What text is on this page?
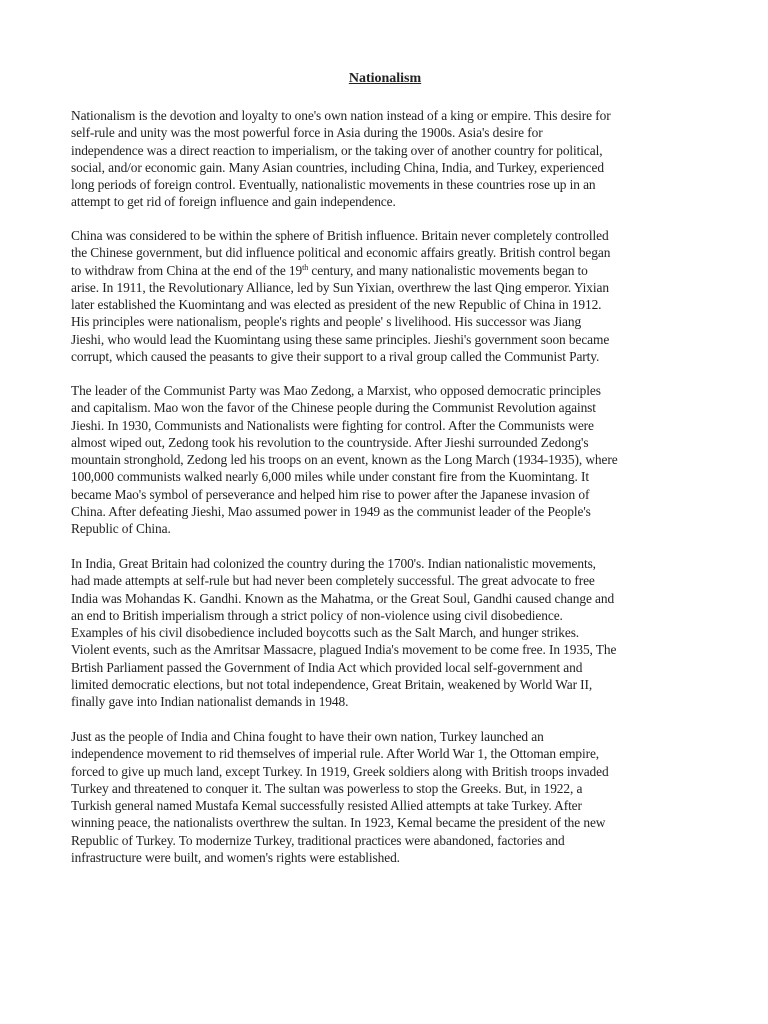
Nationalism
Nationalism is the devotion and loyalty to one's own nation instead of a king or empire. This desire for
self-rule and unity was the most powerful force in Asia during the 1900s. Asia's desire for
independence was a direct reaction to imperialism, or the taking over of another country for political,
social, and/or economic gain. Many Asian countries, including China, India, and Turkey, experienced
long periods of foreign control. Eventually, nationalistic movements in these countries rose up in an
attempt to get rid of foreign influence and gain independence.
China was considered to be within the sphere of British influence. Britain never completely controlled
the Chinese government, but did influence political and economic affairs greatly. British control began
to withdraw from China at the end of the 19th century, and many nationalistic movements began to
arise. In 1911, the Revolutionary Alliance, led by Sun Yixian, overthrew the last Qing emperor. Yixian
later established the Kuomintang and was elected as president of the new Republic of China in 1912.
His principles were nationalism, people's rights and people' s livelihood. His successor was Jiang
Jieshi, who would lead the Kuomintang using these same principles. Jieshi's government soon became
corrupt, which caused the peasants to give their support to a rival group called the Communist Party.
The leader of the Communist Party was Mao Zedong, a Marxist, who opposed democratic principles
and capitalism. Mao won the favor of the Chinese people during the Communist Revolution against
Jieshi. In 1930, Communists and Nationalists were fighting for control. After the Communists were
almost wiped out, Zedong took his revolution to the countryside. After Jieshi surrounded Zedong's
mountain stronghold, Zedong led his troops on an event, known as the Long March (1934-1935), where
100,000 communists walked nearly 6,000 miles while under constant fire from the Kuomintang. It
became Mao's symbol of perseverance and helped him rise to power after the Japanese invasion of
China. After defeating Jieshi, Mao assumed power in 1949 as the communist leader of the People's
Republic of China.
In India, Great Britain had colonized the country during the 1700's. Indian nationalistic movements,
had made attempts at self-rule but had never been completely successful. The great advocate to free
India was Mohandas K. Gandhi. Known as the Mahatma, or the Great Soul, Gandhi caused change and
an end to British imperialism through a strict policy of non-violence using civil disobedience.
Examples of his civil disobedience included boycotts such as the Salt March, and hunger strikes.
Violent events, such as the Amritsar Massacre, plagued India's movement to be come free. In 1935, The
Brtish Parliament passed the Government of India Act which provided local self-government and
limited democratic elections, but not total independence, Great Britain, weakened by World War II,
finally gave into Indian nationalist demands in 1948.
Just as the people of India and China fought to have their own nation, Turkey launched an
independence movement to rid themselves of imperial rule. After World War 1, the Ottoman empire,
forced to give up much land, except Turkey. In 1919, Greek soldiers along with British troops invaded
Turkey and threatened to conquer it. The sultan was powerless to stop the Greeks. But, in 1922, a
Turkish general named Mustafa Kemal successfully resisted Allied attempts at take Turkey. After
winning peace, the nationalists overthrew the sultan. In 1923, Kemal became the president of the new
Republic of Turkey. To modernize Turkey, traditional practices were abandoned, factories and
infrastructure were built, and women's rights were established.
